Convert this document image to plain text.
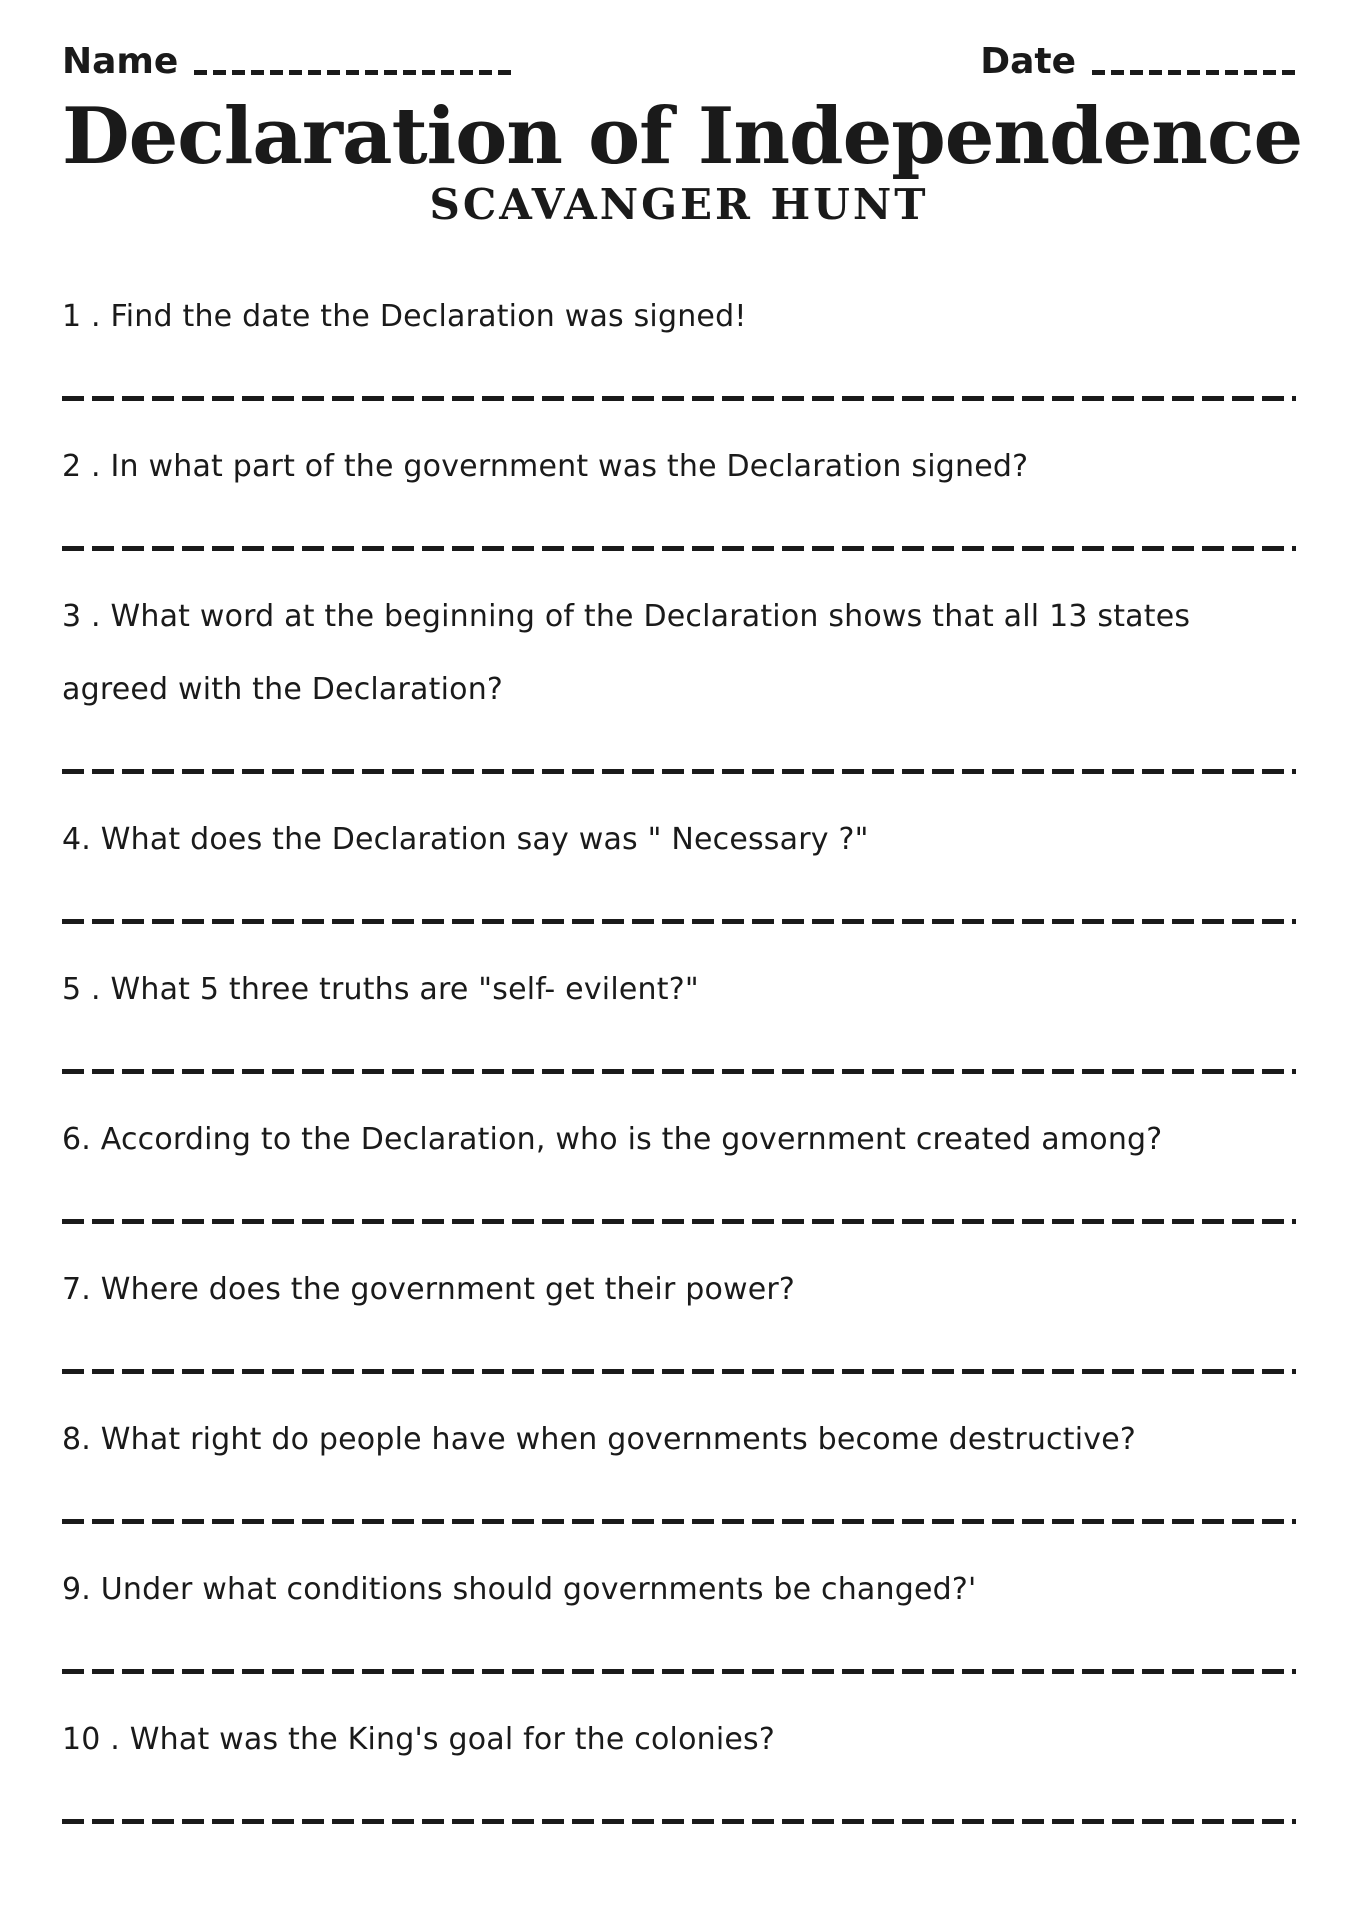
Name	Date
Declaration of Independence
SCAVANGER HUNT

1 . Find the date the Declaration was signed!

2 . In what part of the government was the Declaration signed?

3 . What word at the beginning of the Declaration shows that all 13 states agreed with the Declaration?

4. What does the Declaration say was " Necessary ?"

5 . What 5 three truths are "self- evilent?"

6. According to the Declaration, who is the government created among?

7. Where does the government get their power?

8. What right do people have when governments become destructive?

9. Under what conditions should governments be changed?'

10 . What was the King's goal for the colonies?
